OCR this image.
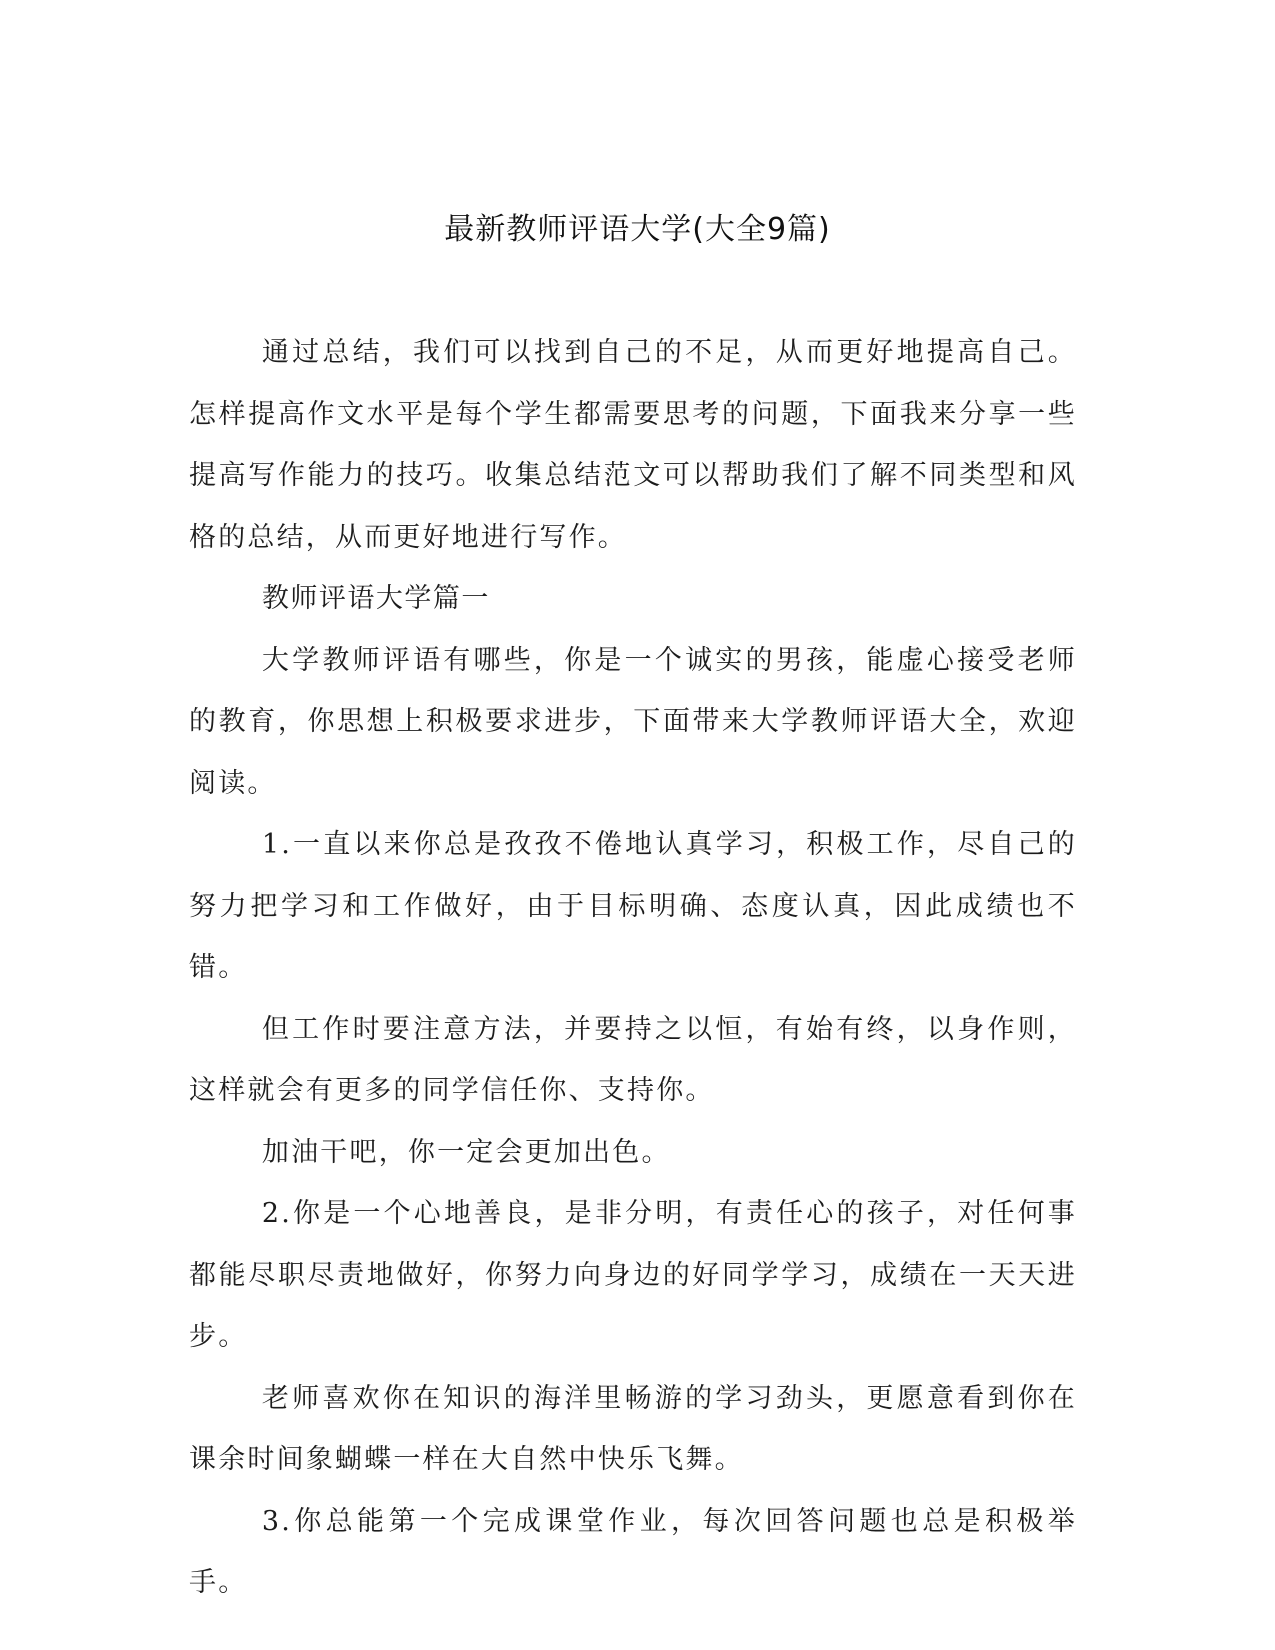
最新教师评语大学(大全9篇)

通过总结，我们可以找到自己的不足，从而更好地提高自己。怎样提高作文水平是每个学生都需要思考的问题，下面我来分享一些提高写作能力的技巧。收集总结范文可以帮助我们了解不同类型和风格的总结，从而更好地进行写作。

教师评语大学篇一

大学教师评语有哪些，你是一个诚实的男孩，能虚心接受老师的教育，你思想上积极要求进步，下面带来大学教师评语大全，欢迎阅读。

1.一直以来你总是孜孜不倦地认真学习，积极工作，尽自己的努力把学习和工作做好，由于目标明确、态度认真，因此成绩也不错。

但工作时要注意方法，并要持之以恒，有始有终，以身作则，这样就会有更多的同学信任你、支持你。

加油干吧，你一定会更加出色。

2.你是一个心地善良，是非分明，有责任心的孩子，对任何事都能尽职尽责地做好，你努力向身边的好同学学习，成绩在一天天进步。

老师喜欢你在知识的海洋里畅游的学习劲头，更愿意看到你在课余时间象蝴蝶一样在大自然中快乐飞舞。

3.你总能第一个完成课堂作业，每次回答问题也总是积极举手。
